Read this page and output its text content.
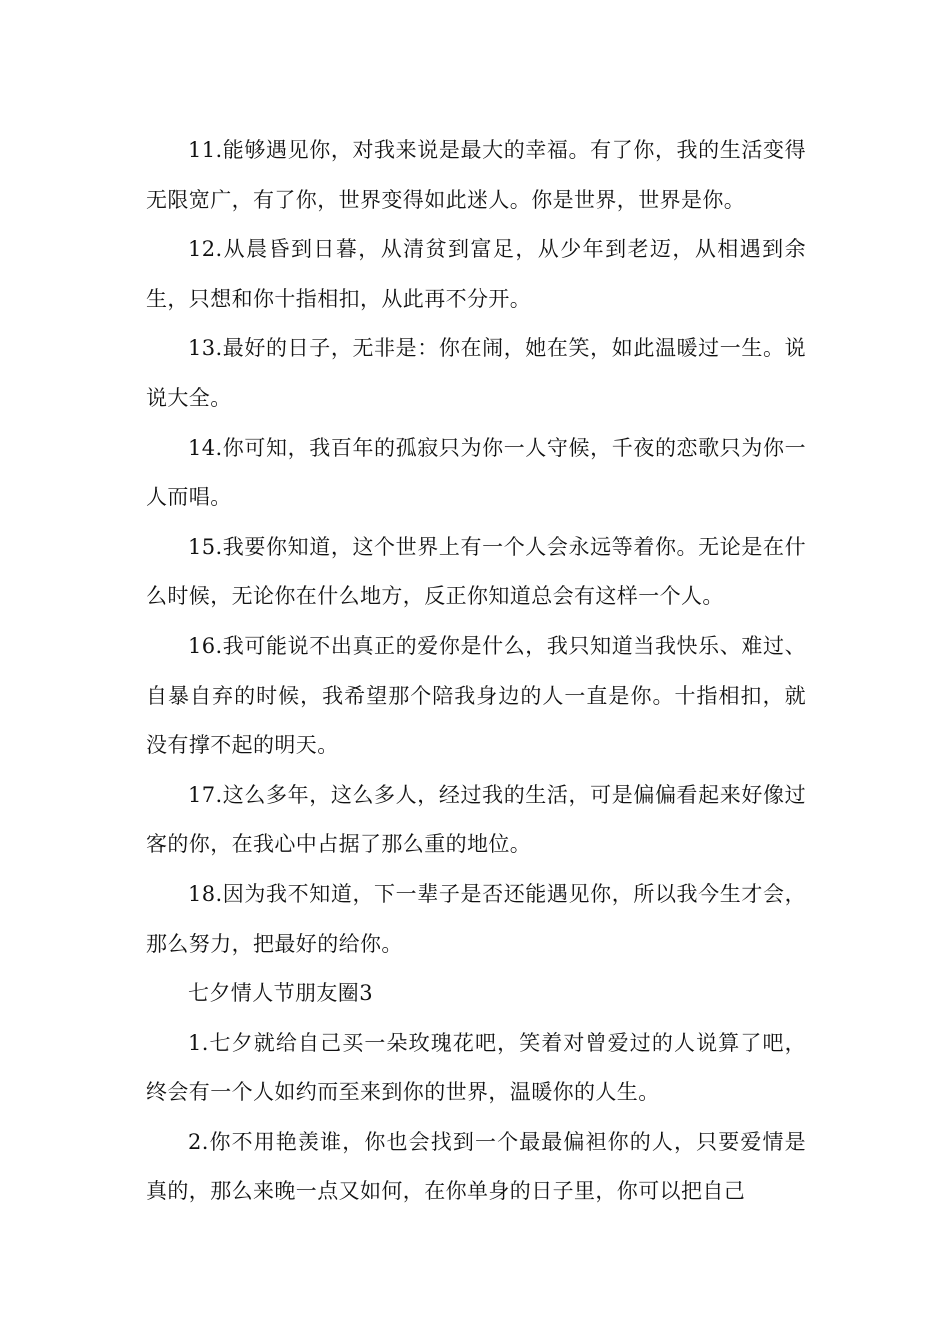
11.能够遇见你，对我来说是最大的幸福。有了你，我的生活变得无限宽广，有了你，世界变得如此迷人。你是世界，世界是你。

12.从晨昏到日暮，从清贫到富足，从少年到老迈，从相遇到余生，只想和你十指相扣，从此再不分开。

13.最好的日子，无非是：你在闹，她在笑，如此温暖过一生。说说大全。

14.你可知，我百年的孤寂只为你一人守候，千夜的恋歌只为你一人而唱。

15.我要你知道，这个世界上有一个人会永远等着你。无论是在什么时候，无论你在什么地方，反正你知道总会有这样一个人。

16.我可能说不出真正的爱你是什么，我只知道当我快乐、难过、自暴自弃的时候，我希望那个陪我身边的人一直是你。十指相扣，就没有撑不起的明天。

17.这么多年，这么多人，经过我的生活，可是偏偏看起来好像过客的你，在我心中占据了那么重的地位。

18.因为我不知道，下一辈子是否还能遇见你，所以我今生才会，那么努力，把最好的给你。

七夕情人节朋友圈3

1.七夕就给自己买一朵玫瑰花吧，笑着对曾爱过的人说算了吧，终会有一个人如约而至来到你的世界，温暖你的人生。

2.你不用艳羡谁，你也会找到一个最最偏袒你的人，只要爱情是真的，那么来晚一点又如何，在你单身的日子里，你可以把自己
